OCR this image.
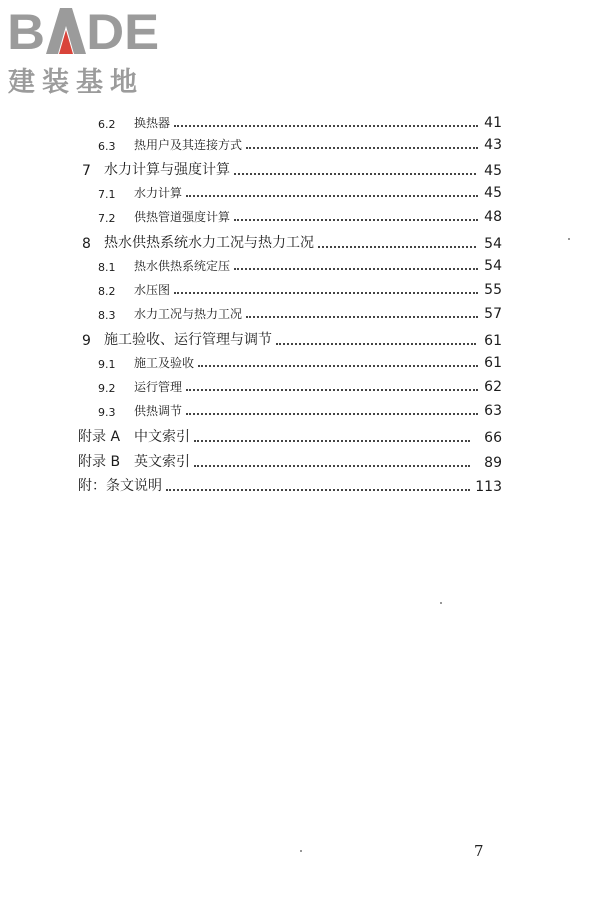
B DE
建装基地
6.2	换热器	41
6.3	热用户及其连接方式	43
7 水力计算与强度计算	45
7.1	水力计算	45
7.2	供热管道强度计算	48
8 热水供热系统水力工况与热力工况	54
8.1	热水供热系统定压	54
8.2	水压图	55
8.3	水力工况与热力工况	57
9 施工验收、运行管理与调节	61
9.1	施工及验收	61
9.2	运行管理	62
9.3	供热调节	63
附录 A　中文索引	66
附录 B　英文索引	89
附：条文说明	113
7
